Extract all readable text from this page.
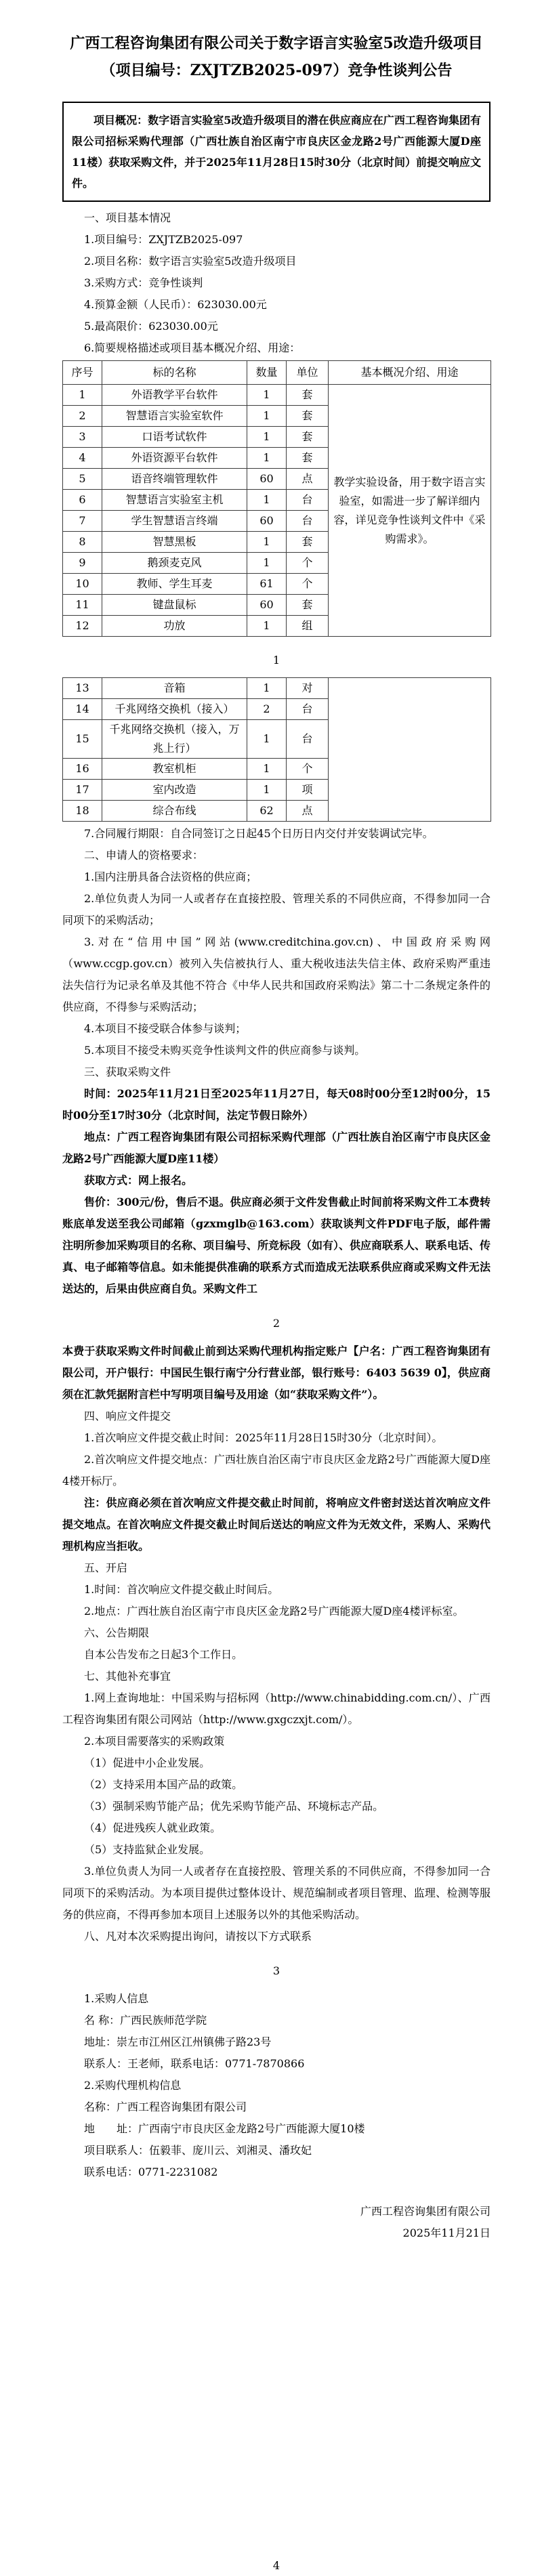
广西工程咨询集团有限公司关于数字语言实验室5改造升级项目
（项目编号：ZXJTZB2025-097）竞争性谈判公告

项目概况：数字语言实验室5改造升级项目的潜在供应商应在广西工程咨询集团有限公司招标采购代理部（广西壮族自治区南宁市良庆区金龙路2号广西能源大厦D座11楼）获取采购文件，并于2025年11月28日15时30分（北京时间）前提交响应文件。

一、项目基本情况

1.项目编号：ZXJTZB2025-097

2.项目名称：数字语言实验室5改造升级项目

3.采购方式：竞争性谈判

4.预算金额（人民币）：623030.00元

5.最高限价：623030.00元

6.简要规格描述或项目基本概况介绍、用途：

序号	标的名称	数量	单位	基本概况介绍、用途
1	外语教学平台软件	1	套	教学实验设备，用于数字语言实验室，如需进一步了解详细内容，详见竞争性谈判文件中《采购需求》。
2	智慧语言实验室软件	1	套	
3	口语考试软件	1	套	
4	外语资源平台软件	1	套	
5	语音终端管理软件	60	点	
6	智慧语言实验室主机	1	台	
7	学生智慧语言终端	60	台	
8	智慧黑板	1	套	
9	鹅颈麦克风	1	个	
10	教师、学生耳麦	61	个	
11	键盘鼠标	60	套	
12	功放	1	组	

1

13	音箱	1	对	
14	千兆网络交换机（接入）	2	台	
15	千兆网络交换机（接入，万兆上行）	1	台	
16	教室机柜	1	个	
17	室内改造	1	项	
18	综合布线	62	点	

7.合同履行期限：自合同签订之日起45个日历日内交付并安装调试完毕。

二、申请人的资格要求：

1.国内注册具备合法资格的供应商；

2.单位负责人为同一人或者存在直接控股、管理关系的不同供应商，不得参加同一合同项下的采购活动；

3.对在“信用中国”网站(www.creditchina.gov.cn)、中国政府采购网（www.ccgp.gov.cn）被列入失信被执行人、重大税收违法失信主体、政府采购严重违法失信行为记录名单及其他不符合《中华人民共和国政府采购法》第二十二条规定条件的供应商，不得参与采购活动；

4.本项目不接受联合体参与谈判；

5.本项目不接受未购买竞争性谈判文件的供应商参与谈判。

三、获取采购文件

时间：2025年11月21日至2025年11月27日，每天08时00分至12时00分，15时00分至17时30分（北京时间，法定节假日除外）

地点：广西工程咨询集团有限公司招标采购代理部（广西壮族自治区南宁市良庆区金龙路2号广西能源大厦D座11楼）

获取方式：网上报名。

售价：300元/份，售后不退。供应商必须于文件发售截止时间前将采购文件工本费转账底单发送至我公司邮箱（gzxmglb@163.com）获取谈判文件PDF电子版，邮件需注明所参加采购项目的名称、项目编号、所竞标段（如有）、供应商联系人、联系电话、传真、电子邮箱等信息。如未能提供准确的联系方式而造成无法联系供应商或采购文件无法送达的，后果由供应商自负。采购文件工

2

本费于获取采购文件时间截止前到达采购代理机构指定账户【户名：广西工程咨询集团有限公司，开户银行：中国民生银行南宁分行营业部，银行账号：6403 5639 0】，供应商须在汇款凭据附言栏中写明项目编号及用途（如“获取采购文件”）。

四、响应文件提交

1.首次响应文件提交截止时间：2025年11月28日15时30分（北京时间）。

2.首次响应文件提交地点：广西壮族自治区南宁市良庆区金龙路2号广西能源大厦D座4楼开标厅。

注：供应商必须在首次响应文件提交截止时间前，将响应文件密封送达首次响应文件提交地点。在首次响应文件提交截止时间后送达的响应文件为无效文件，采购人、采购代理机构应当拒收。

五、开启

1.时间：首次响应文件提交截止时间后。

2.地点：广西壮族自治区南宁市良庆区金龙路2号广西能源大厦D座4楼评标室。

六、公告期限

自本公告发布之日起3个工作日。

七、其他补充事宜

1.网上查询地址：中国采购与招标网（http://www.chinabidding.com.cn/）、广西工程咨询集团有限公司网站（http://www.gxgczxjt.com/）。

2.本项目需要落实的采购政策

（1）促进中小企业发展。

（2）支持采用本国产品的政策。

（3）强制采购节能产品；优先采购节能产品、环境标志产品。

（4）促进残疾人就业政策。

（5）支持监狱企业发展。

3.单位负责人为同一人或者存在直接控股、管理关系的不同供应商，不得参加同一合同项下的采购活动。为本项目提供过整体设计、规范编制或者项目管理、监理、检测等服务的供应商，不得再参加本项目上述服务以外的其他采购活动。

八、凡对本次采购提出询问，请按以下方式联系

3

1.采购人信息

名 称：广西民族师范学院

地址：崇左市江州区江州镇佛子路23号

联系人：王老师，联系电话：0771-7870866

2.采购代理机构信息

名称：广西工程咨询集团有限公司

地　　址：广西南宁市良庆区金龙路2号广西能源大厦10楼

项目联系人：伍毅菲、庞川云、刘湘灵、潘玫妃

联系电话：0771-2231082

广西工程咨询集团有限公司

2025年11月21日

4
